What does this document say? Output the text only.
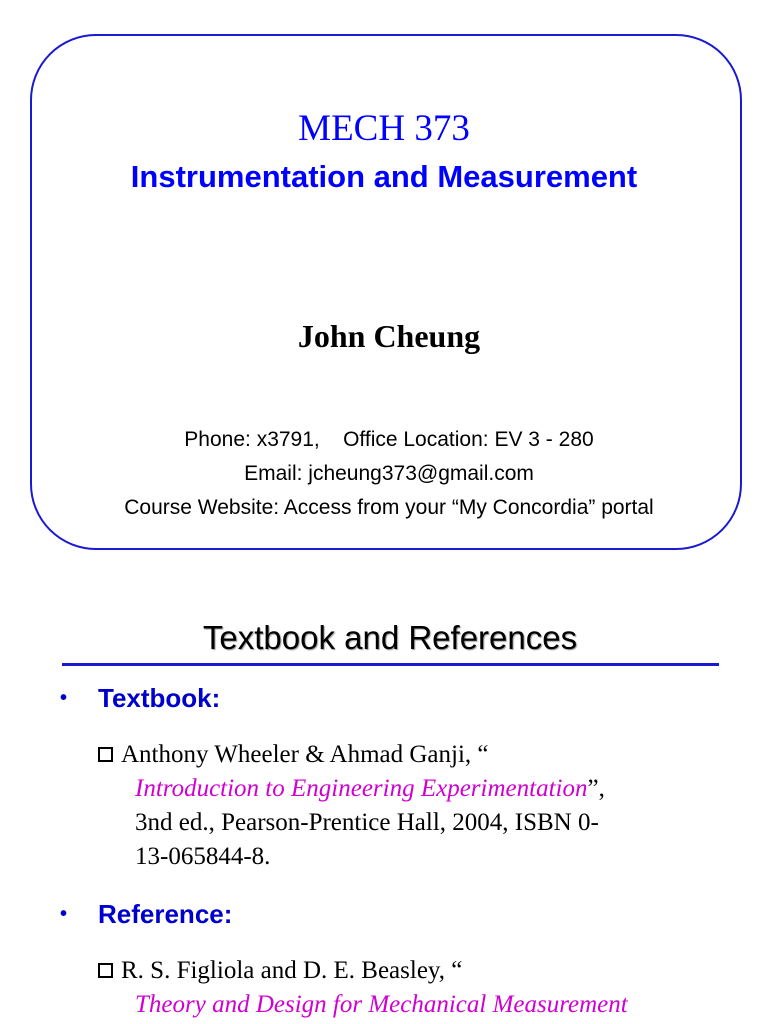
MECH 373
Instrumentation and Measurement
John Cheung
Phone: x3791,    Office Location: EV 3 - 280
Email: jcheung373@gmail.com
Course Website: Access from your “My Concordia” portal
Textbook and References
• Textbook:
Anthony Wheeler & Ahmad Ganji, “
Introduction to Engineering Experimentation”,
3nd ed., Pearson-Prentice Hall, 2004, ISBN 0-
13-065844-8.
• Reference:
R. S. Figliola and D. E. Beasley, “
Theory and Design for Mechanical Measurement
